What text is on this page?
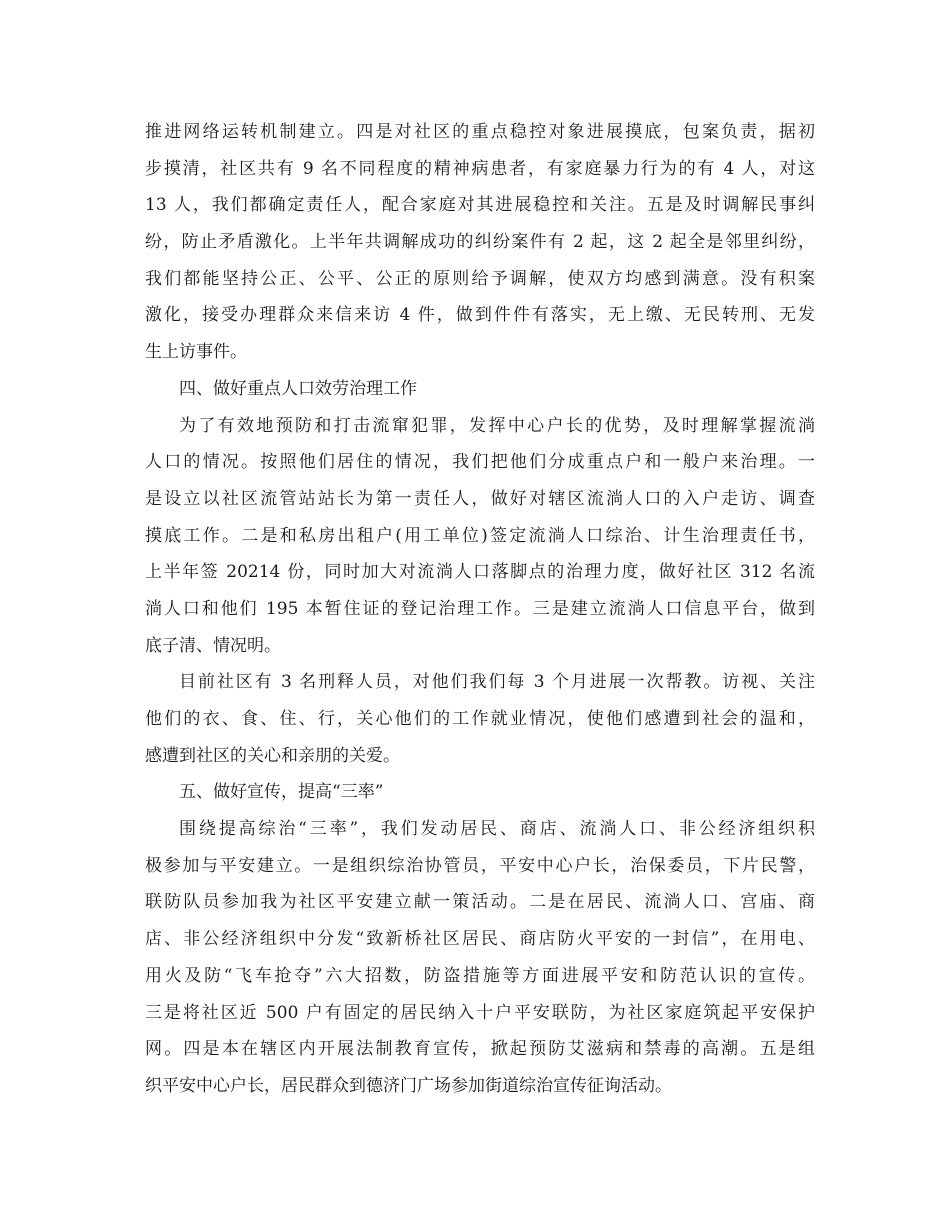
推进网络运转机制建立。四是对社区的重点稳控对象进展摸底，包案负责，据初
步摸清，社区共有 9 名不同程度的精神病患者，有家庭暴力行为的有 4 人，对这
13 人，我们都确定责任人，配合家庭对其进展稳控和关注。五是及时调解民事纠
纷，防止矛盾激化。上半年共调解成功的纠纷案件有 2 起，这 2 起全是邻里纠纷，
我们都能坚持公正、公平、公正的原则给予调解，使双方均感到满意。没有积案
激化，接受办理群众来信来访 4 件，做到件件有落实，无上缴、无民转刑、无发
生上访事件。
四、做好重点人口效劳治理工作
为了有效地预防和打击流窜犯罪，发挥中心户长的优势，及时理解掌握流淌
人口的情况。按照他们居住的情况，我们把他们分成重点户和一般户来治理。一
是设立以社区流管站站长为第一责任人，做好对辖区流淌人口的入户走访、调查
摸底工作。二是和私房出租户(用工单位)签定流淌人口综治、计生治理责任书，
上半年签 20214 份，同时加大对流淌人口落脚点的治理力度，做好社区 312 名流
淌人口和他们 195 本暂住证的登记治理工作。三是建立流淌人口信息平台，做到
底子清、情况明。
目前社区有 3 名刑释人员，对他们我们每 3 个月进展一次帮教。访视、关注
他们的衣、食、住、行，关心他们的工作就业情况，使他们感遭到社会的温和，
感遭到社区的关心和亲朋的关爱。
五、做好宣传，提高“三率”
围绕提高综治“三率”，我们发动居民、商店、流淌人口、非公经济组织积
极参加与平安建立。一是组织综治协管员，平安中心户长，治保委员，下片民警，
联防队员参加我为社区平安建立献一策活动。二是在居民、流淌人口、宫庙、商
店、非公经济组织中分发“致新桥社区居民、商店防火平安的一封信”，在用电、
用火及防“飞车抢夺”六大招数，防盗措施等方面进展平安和防范认识的宣传。
三是将社区近 500 户有固定的居民纳入十户平安联防，为社区家庭筑起平安保护
网。四是本在辖区内开展法制教育宣传，掀起预防艾滋病和禁毒的高潮。五是组
织平安中心户长，居民群众到德济门广场参加街道综治宣传征询活动。
